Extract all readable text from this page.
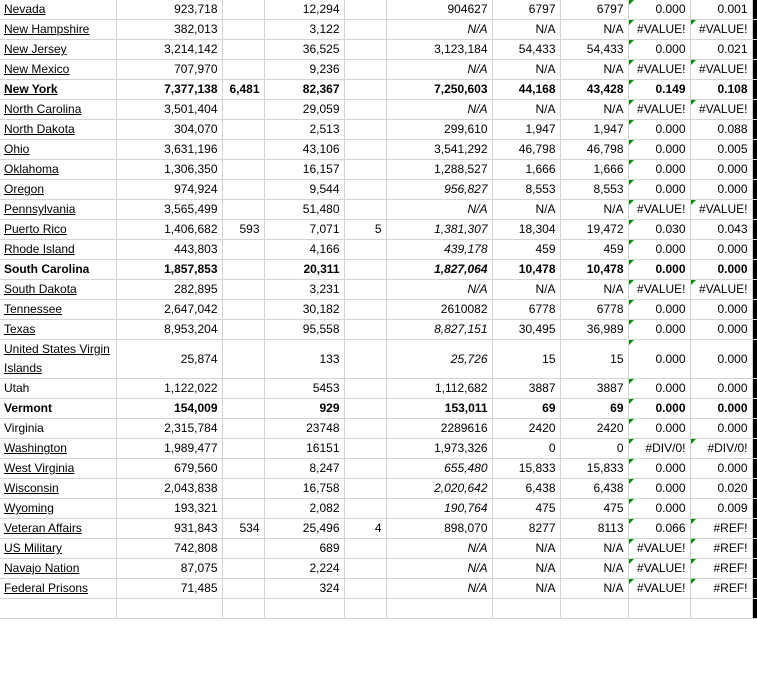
Nevada	923,718		12,294		904627	6797	6797	0.000	0.001	
New Hampshire	382,013		3,122		N/A	N/A	N/A	#VALUE!	#VALUE!	
New Jersey	3,214,142		36,525		3,123,184	54,433	54,433	0.000	0.021	
New Mexico	707,970		9,236		N/A	N/A	N/A	#VALUE!	#VALUE!	
New York	7,377,138	6,481	82,367		7,250,603	44,168	43,428	0.149	0.108	
North Carolina	3,501,404		29,059		N/A	N/A	N/A	#VALUE!	#VALUE!	
North Dakota	304,070		2,513		299,610	1,947	1,947	0.000	0.088	
Ohio	3,631,196		43,106		3,541,292	46,798	46,798	0.000	0.005	
Oklahoma	1,306,350		16,157		1,288,527	1,666	1,666	0.000	0.000	
Oregon	974,924		9,544		956,827	8,553	8,553	0.000	0.000	
Pennsylvania	3,565,499		51,480		N/A	N/A	N/A	#VALUE!	#VALUE!	
Puerto Rico	1,406,682	593	7,071	5	1,381,307	18,304	19,472	0.030	0.043	
Rhode Island	443,803		4,166		439,178	459	459	0.000	0.000	
South Carolina	1,857,853		20,311		1,827,064	10,478	10,478	0.000	0.000	
South Dakota	282,895		3,231		N/A	N/A	N/A	#VALUE!	#VALUE!	
Tennessee	2,647,042		30,182		2610082	6778	6778	0.000	0.000	
Texas	8,953,204		95,558		8,827,151	30,495	36,989	0.000	0.000	
United States Virgin Islands	25,874		133		25,726	15	15	0.000	0.000	
Utah	1,122,022		5453		1,112,682	3887	3887	0.000	0.000	
Vermont	154,009		929		153,011	69	69	0.000	0.000	
Virginia	2,315,784		23748		2289616	2420	2420	0.000	0.000	
Washington	1,989,477		16151		1,973,326	0	0	#DIV/0!	#DIV/0!	
West Virginia	679,560		8,247		655,480	15,833	15,833	0.000	0.000	
Wisconsin	2,043,838		16,758		2,020,642	6,438	6,438	0.000	0.020	
Wyoming	193,321		2,082		190,764	475	475	0.000	0.009	
Veteran Affairs	931,843	534	25,496	4	898,070	8277	8113	0.066	#REF!	
US Military	742,808		689		N/A	N/A	N/A	#VALUE!	#REF!	
Navajo Nation	87,075		2,224		N/A	N/A	N/A	#VALUE!	#REF!	
Federal Prisons	71,485		324		N/A	N/A	N/A	#VALUE!	#REF!	
